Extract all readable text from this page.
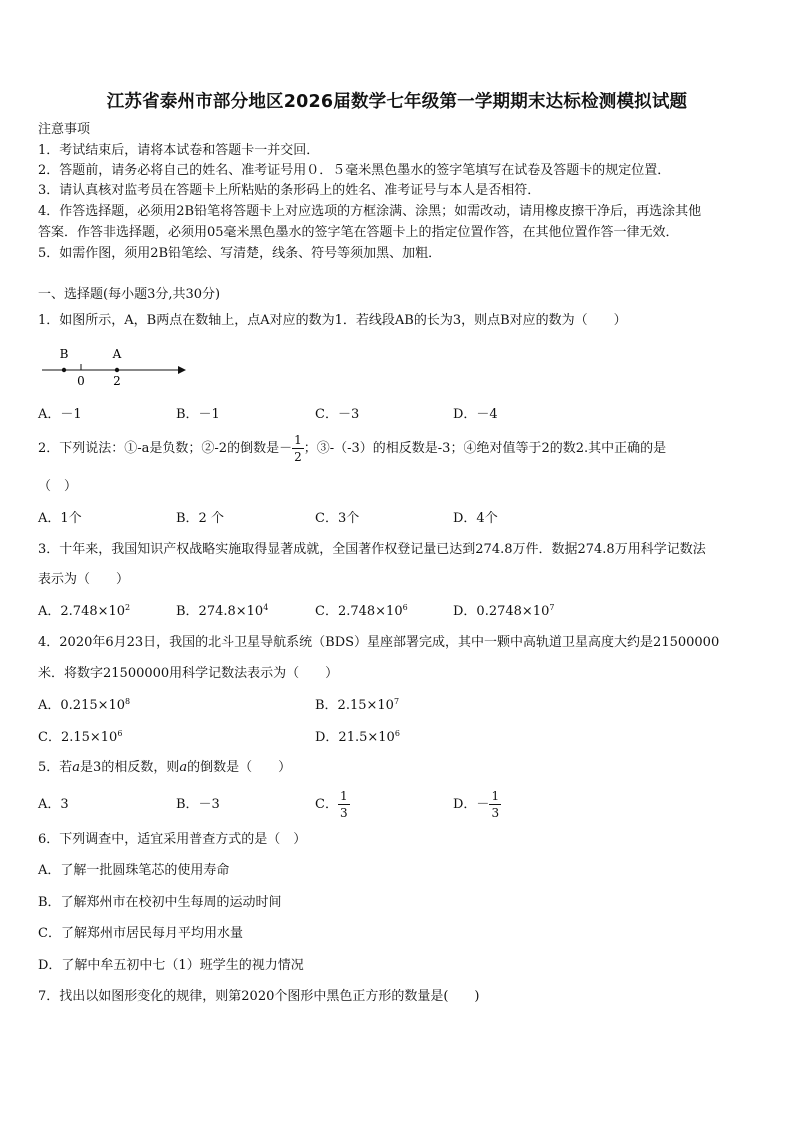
江苏省泰州市部分地区2026届数学七年级第一学期期末达标检测模拟试题
注意事项
1．考试结束后，请将本试卷和答题卡一并交回．
2．答题前，请务必将自己的姓名、准考证号用０．５毫米黑色墨水的签字笔填写在试卷及答题卡的规定位置．
3．请认真核对监考员在答题卡上所粘贴的条形码上的姓名、准考证号与本人是否相符．
4．作答选择题，必须用2B铅笔将答题卡上对应选项的方框涂满、涂黑；如需改动，请用橡皮擦干净后，再选涂其他
答案．作答非选择题，必须用05毫米黑色墨水的签字笔在答题卡上的指定位置作答，在其他位置作答一律无效．
5．如需作图，须用2B铅笔绘、写清楚，线条、符号等须加黑、加粗．
一、选择题(每小题3分,共30分)
1．如图所示，A，B两点在数轴上，点A对应的数为1．若线段AB的长为3，则点B对应的数为（　　）
B	A
0 2
A．－1	B．－1	C．－3	D．－4
2．下列说法：①-a是负数；②-2的倒数是－ $\frac{1}{2}$ ；③-（-3）的相反数是-3；④绝对值等于2的数2.其中正确的是
（　）
A．1个	B．2 个	C．3个	D．4个
3．十年来，我国知识产权战略实施取得显著成就，全国著作权登记量已达到274.8万件．数据274.8万用科学记数法
表示为（　　）
A．$2.748\times 10^2$	B．$274.8\times 10^4$	C．$2.748\times 10^6$	D．$0.2748\times 10^7$
4．2020年6月23日，我国的北斗卫星导航系统（BDS）星座部署完成，其中一颗中高轨道卫星高度大约是21500000
米．将数字21500000用科学记数法表示为（　　）
A．$0.215\times 10^8$	B．$2.15\times 10^7$
C．$2.15\times 10^6$	D．$21.5\times 10^6$
5．若a是3的相反数，则a的倒数是（　　）
A．3	B．－3	C． $\frac{1}{3}$	D．－ $\frac{1}{3}$
6．下列调查中，适宜采用普查方式的是（　）
A．了解一批圆珠笔芯的使用寿命
B．了解郑州市在校初中生每周的运动时间
C．了解郑州市居民每月平均用水量
D．了解中牟五初中七（1）班学生的视力情况
7．找出以如图形变化的规律，则第2020个图形中黑色正方形的数量是(　　)
